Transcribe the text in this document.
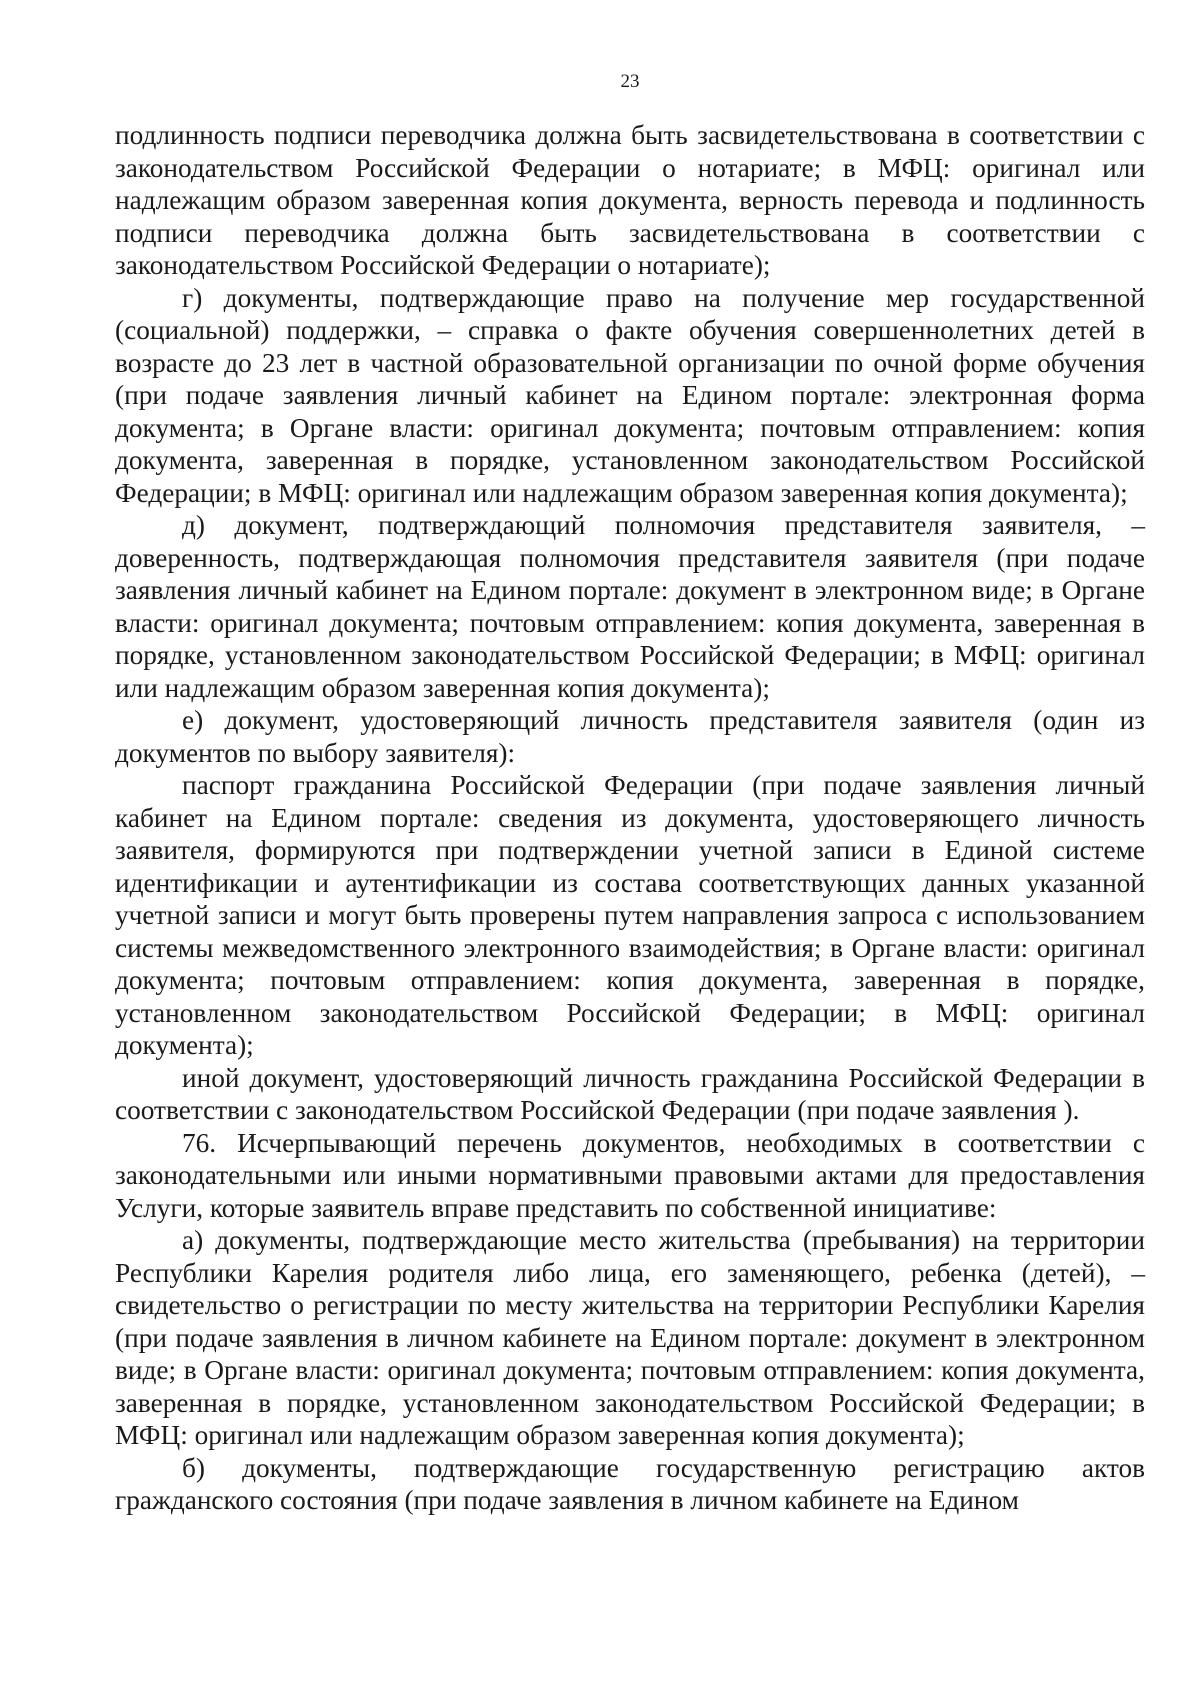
23

подлинность подписи переводчика должна быть засвидетельствована в соответствии с законодательством Российской Федерации о нотариате; в МФЦ: оригинал или надлежащим образом заверенная копия документа, верность перевода и подлинность подписи переводчика должна быть засвидетельствована в соответствии с законодательством Российской Федерации о нотариате);

г) документы, подтверждающие право на получение мер государственной (социальной) поддержки, – справка о факте обучения совершеннолетних детей в возрасте до 23 лет в частной образовательной организации по очной форме обучения (при подаче заявления личный кабинет на Едином портале: электронная форма документа; в Органе власти: оригинал документа; почтовым отправлением: копия документа, заверенная в порядке, установленном законодательством Российской Федерации; в МФЦ: оригинал или надлежащим образом заверенная копия документа);

д) документ, подтверждающий полномочия представителя заявителя, – доверенность, подтверждающая полномочия представителя заявителя (при подаче заявления личный кабинет на Едином портале: документ в электронном виде; в Органе власти: оригинал документа; почтовым отправлением: копия документа, заверенная в порядке, установленном законодательством Российской Федерации; в МФЦ: оригинал или надлежащим образом заверенная копия документа);

е) документ, удостоверяющий личность представителя заявителя (один из документов по выбору заявителя):

паспорт гражданина Российской Федерации (при подаче заявления личный кабинет на Едином портале: сведения из документа, удостоверяющего личность заявителя, формируются при подтверждении учетной записи в Единой системе идентификации и аутентификации из состава соответствующих данных указанной учетной записи и могут быть проверены путем направления запроса с использованием системы межведомственного электронного взаимодействия; в Органе власти: оригинал документа; почтовым отправлением: копия документа, заверенная в порядке, установленном законодательством Российской Федерации; в МФЦ: оригинал документа);

иной документ, удостоверяющий личность гражданина Российской Федерации в соответствии с законодательством Российской Федерации (при подаче заявления ).

76. Исчерпывающий перечень документов, необходимых в соответствии с законодательными или иными нормативными правовыми актами для предоставления Услуги, которые заявитель вправе представить по собственной инициативе:

а) документы, подтверждающие место жительства (пребывания) на территории Республики Карелия родителя либо лица, его заменяющего, ребенка (детей), – свидетельство о регистрации по месту жительства на территории Республики Карелия (при подаче заявления в личном кабинете на Едином портале: документ в электронном виде; в Органе власти: оригинал документа; почтовым отправлением: копия документа, заверенная в порядке, установленном законодательством Российской Федерации; в МФЦ: оригинал или надлежащим образом заверенная копия документа);

б) документы, подтверждающие государственную регистрацию актов гражданского состояния (при подаче заявления в личном кабинете на Едином
